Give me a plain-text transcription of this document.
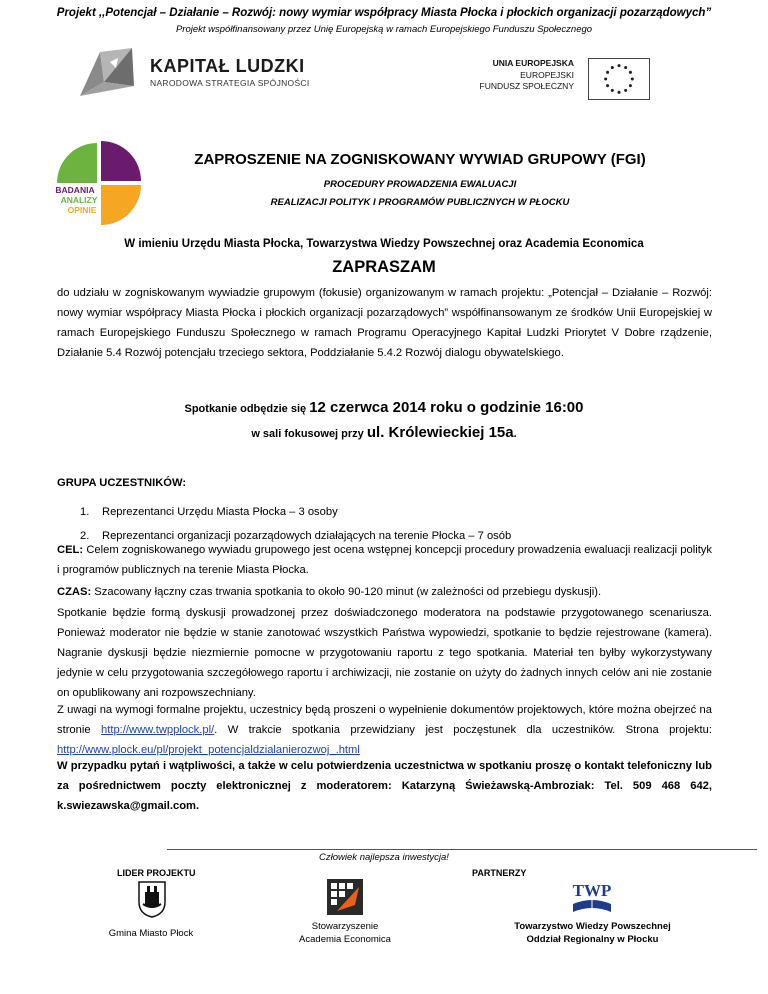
Projekt ,,Potencjał – Działanie – Rozwój: nowy wymiar współpracy Miasta Płocka i płockich organizacji pozarządowych”
Projekt współfinansowany przez Unię Europejską w ramach Europejskiego Funduszu Społecznego
KAPITAŁ LUDZKI
NARODOWA STRATEGIA SPÓJNOŚCI
UNIA EUROPEJSKA
EUROPEJSKI
FUNDUSZ SPOŁECZNY
BADANIA
ANALIZY
OPINIE
ZAPROSZENIE NA ZOGNISKOWANY WYWIAD GRUPOWY (FGI)
PROCEDURY PROWADZENIA EWALUACJI
REALIZACJI POLITYK I PROGRAMÓW PUBLICZNYCH W PŁOCKU
W imieniu Urzędu Miasta Płocka, Towarzystwa Wiedzy Powszechnej oraz Academia Economica
ZAPRASZAM
do udziału w zogniskowanym wywiadzie grupowym (fokusie) organizowanym w ramach projektu: „Potencjał – Działanie – Rozwój: nowy wymiar współpracy Miasta Płocka i płockich organizacji pozarządowych” współfinansowanym ze środków Unii Europejskiej w ramach Europejskiego Funduszu Społecznego w ramach Programu Operacyjnego Kapitał Ludzki Priorytet V Dobre rządzenie, Działanie 5.4 Rozwój potencjału trzeciego sektora, Poddziałanie 5.4.2 Rozwój dialogu obywatelskiego.
Spotkanie odbędzie się 12 czerwca 2014 roku o godzinie 16:00
w sali fokusowej przy ul. Królewieckiej 15a.
GRUPA UCZESTNIKÓW:
1. Reprezentanci Urzędu Miasta Płocka – 3 osoby
2. Reprezentanci organizacji pozarządowych działających na terenie Płocka – 7 osób
CEL: Celem zogniskowanego wywiadu grupowego jest ocena wstępnej koncepcji procedury prowadzenia ewaluacji realizacji polityk i programów publicznych na terenie Miasta Płocka.
CZAS: Szacowany łączny czas trwania spotkania to około 90-120 minut (w zależności od przebiegu dyskusji).
Spotkanie będzie formą dyskusji prowadzonej przez doświadczonego moderatora na podstawie przygotowanego scenariusza. Ponieważ moderator nie będzie w stanie zanotować wszystkich Państwa wypowiedzi, spotkanie to będzie rejestrowane (kamera). Nagranie dyskusji będzie niezmiernie pomocne w przygotowaniu raportu z tego spotkania. Materiał ten byłby wykorzystywany jedynie w celu przygotowania szczegółowego raportu i archiwizacji, nie zostanie on użyty do żadnych innych celów ani nie zostanie on opublikowany ani rozpowszechniany.
Z uwagi na wymogi formalne projektu, uczestnicy będą proszeni o wypełnienie dokumentów projektowych, które można obejrzeć na stronie http://www.twpplock.pl/. W trakcie spotkania przewidziany jest poczęstunek dla uczestników. Strona projektu: http://www.plock.eu/pl/projekt_potencjaldzialanierozwoj_.html
W przypadku pytań i wątpliwości, a także w celu potwierdzenia uczestnictwa w spotkaniu proszę o kontakt telefoniczny lub za pośrednictwem poczty elektronicznej z moderatorem: Katarzyną Świeżawską-Ambroziak: Tel. 509 468 642, k.swiezawska@gmail.com.
Człowiek najlepsza inwestycja!
LIDER PROJEKTU	PARTNERZY
Gmina Miasto Płock
Stowarzyszenie
Academia Economica
TWP
Towarzystwo Wiedzy Powszechnej
Oddział Regionalny w Płocku
